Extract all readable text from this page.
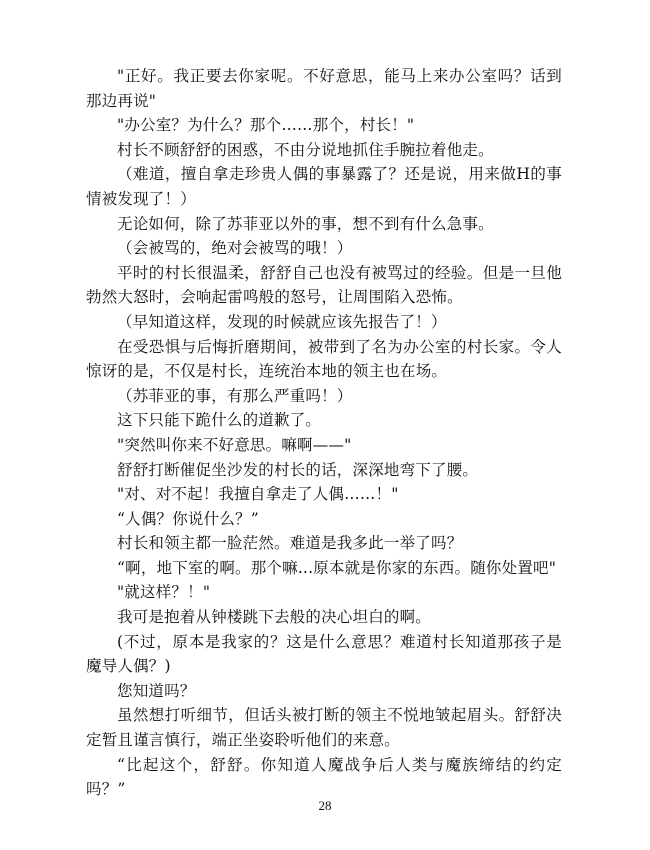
"正好。我正要去你家呢。不好意思，能马上来办公室吗？话到那边再说"

"办公室？为什么？那个……那个，村长！"

村长不顾舒舒的困惑，不由分说地抓住手腕拉着他走。

（难道，擅自拿走珍贵人偶的事暴露了？还是说，用来做H的事情被发现了！）

无论如何，除了苏菲亚以外的事，想不到有什么急事。

（会被骂的，绝对会被骂的哦！）

平时的村长很温柔，舒舒自己也没有被骂过的经验。但是一旦他勃然大怒时，会响起雷鸣般的怒号，让周围陷入恐怖。

（早知道这样，发现的时候就应该先报告了！）

在受恐惧与后悔折磨期间，被带到了名为办公室的村长家。令人惊讶的是，不仅是村长，连统治本地的领主也在场。

（苏菲亚的事，有那么严重吗！）

这下只能下跪什么的道歉了。

"突然叫你来不好意思。嘛啊——"

舒舒打断催促坐沙发的村长的话，深深地弯下了腰。

"对、对不起！我擅自拿走了人偶……！"

“人偶？你说什么？”

村长和领主都一脸茫然。难道是我多此一举了吗？

“啊，地下室的啊。那个嘛...原本就是你家的东西。随你处置吧"

"就这样？！"

我可是抱着从钟楼跳下去般的决心坦白的啊。

(不过，原本是我家的？这是什么意思？难道村长知道那孩子是魔导人偶？)

您知道吗？

虽然想打听细节，但话头被打断的领主不悦地皱起眉头。舒舒决定暂且谨言慎行，端正坐姿聆听他们的来意。

“比起这个，舒舒。你知道人魔战争后人类与魔族缔结的约定吗？”

28
